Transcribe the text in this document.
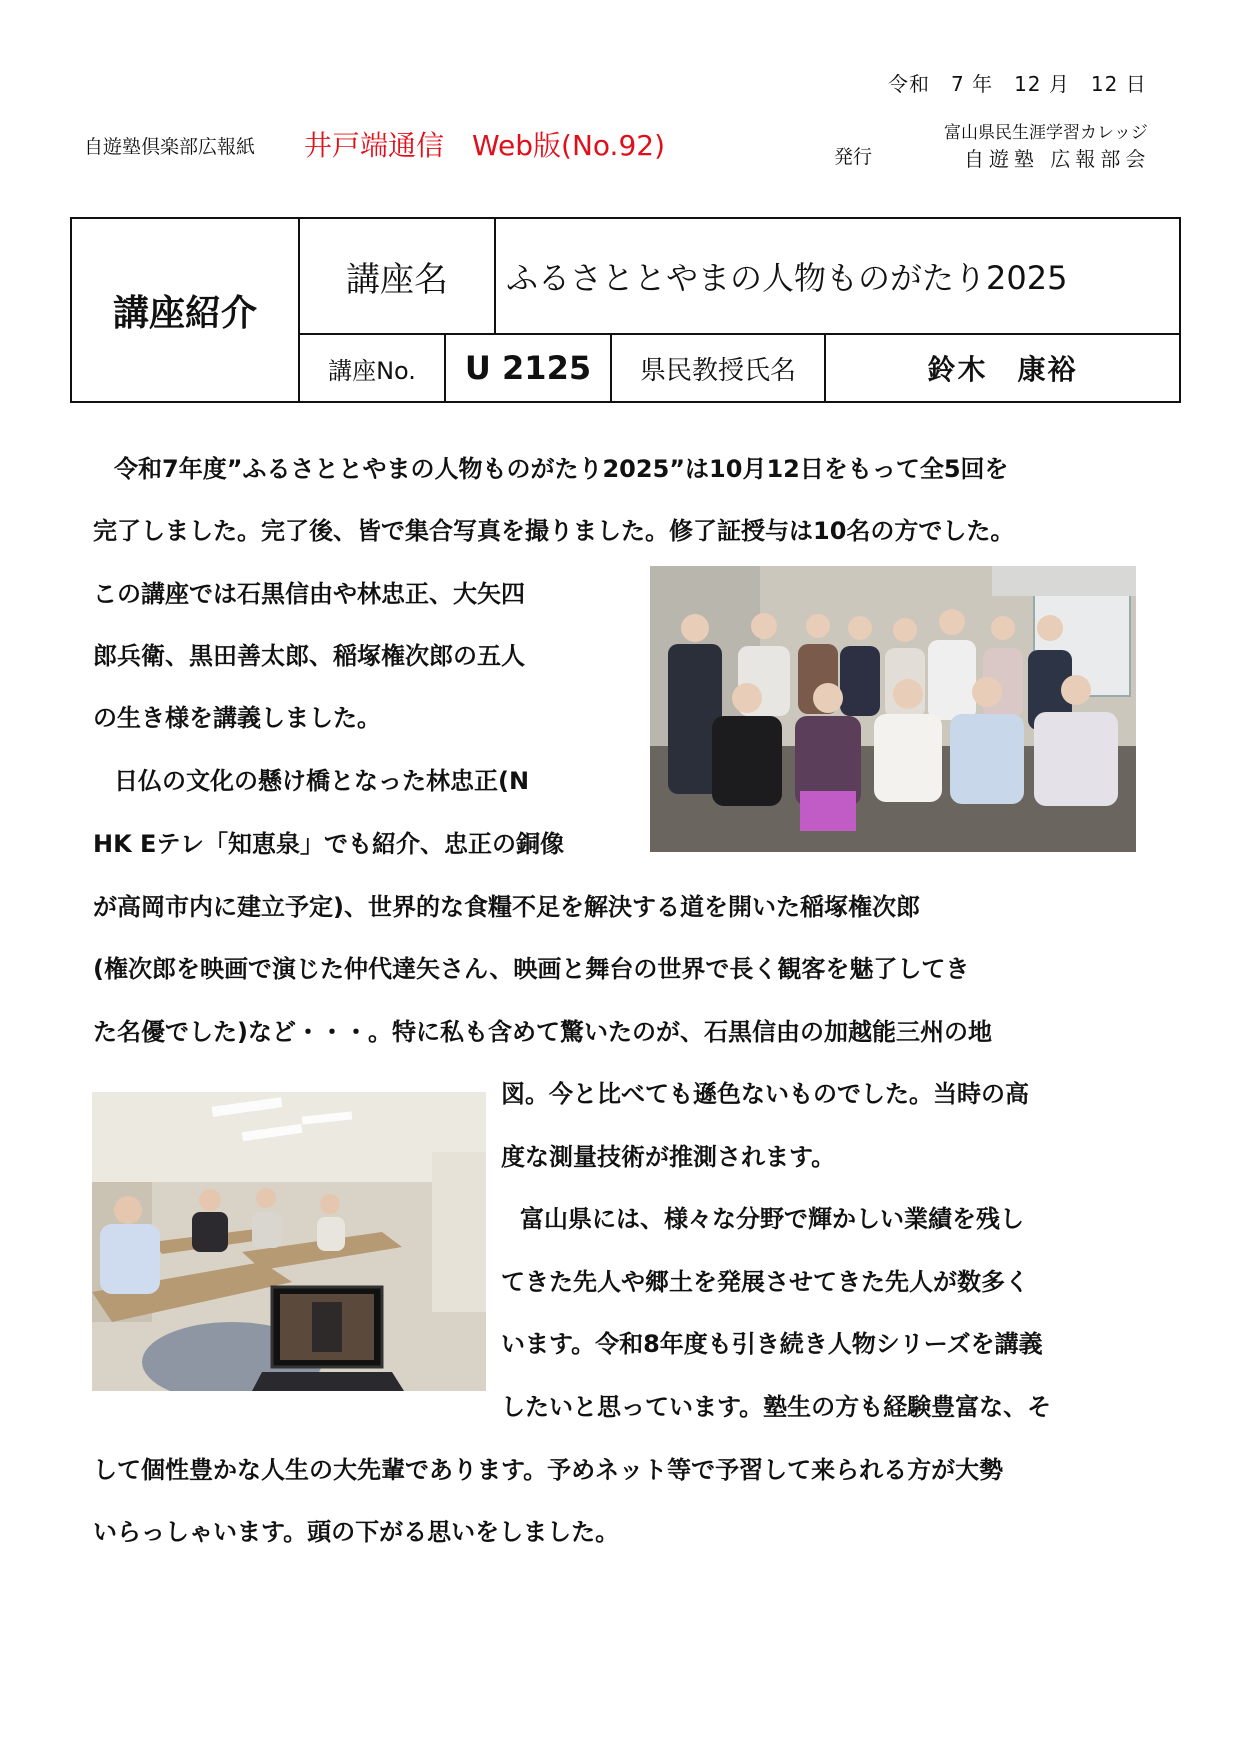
令和　7 年　12 月　12 日
自遊塾倶楽部広報紙 井戸端通信　Web版(No.92)	発行
富山県民生涯学習カレッジ
自遊塾 広報部会
講座紹介
講座名	ふるさととやまの人物ものがたり2025
講座No.	U 2125	県民教授氏名	鈴木　康裕
令和7年度”ふるさととやまの人物ものがたり2025”は10月12日をもって全5回を
完了しました。完了後、皆で集合写真を撮りました。修了証授与は10名の方でした。
この講座では石黒信由や林忠正、大矢四
郎兵衛、黒田善太郎、稲塚権次郎の五人
の生き様を講義しました。
日仏の文化の懸け橋となった林忠正(N
HK Eテレ「知恵泉」でも紹介、忠正の銅像
が高岡市内に建立予定)、世界的な食糧不足を解決する道を開いた稲塚権次郎
(権次郎を映画で演じた仲代達矢さん、映画と舞台の世界で長く観客を魅了してき
た名優でした)など・・・。特に私も含めて驚いたのが、石黒信由の加越能三州の地
図。今と比べても遜色ないものでした。当時の高
度な測量技術が推測されます。
富山県には、様々な分野で輝かしい業績を残し
てきた先人や郷土を発展させてきた先人が数多く
います。令和8年度も引き続き人物シリーズを講義
したいと思っています。塾生の方も経験豊富な、そ
して個性豊かな人生の大先輩であります。予めネット等で予習して来られる方が大勢
いらっしゃいます。頭の下がる思いをしました。
